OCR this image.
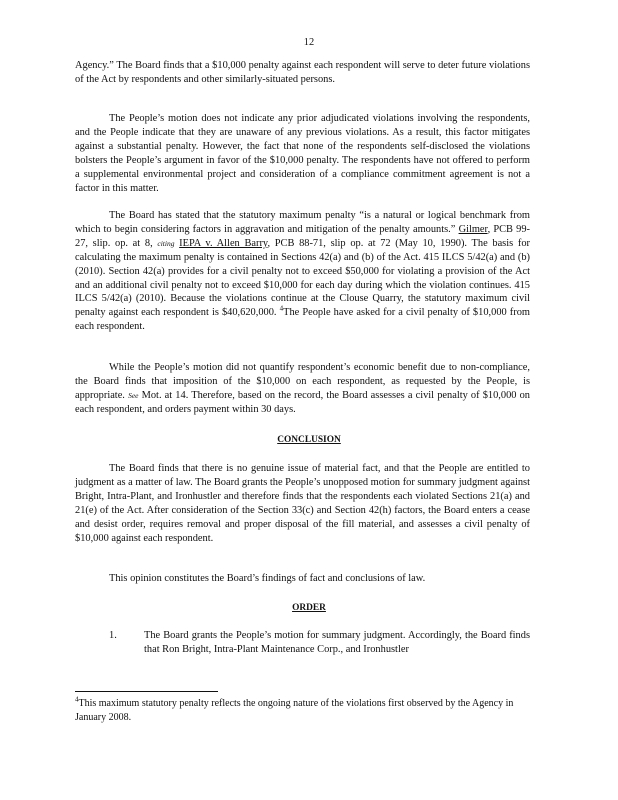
12

Agency.” The Board finds that a $10,000 penalty against each respondent will serve to deter future violations of the Act by respondents and other similarly-situated persons.

The People’s motion does not indicate any prior adjudicated violations involving the respondents, and the People indicate that they are unaware of any previous violations. As a result, this factor mitigates against a substantial penalty. However, the fact that none of the respondents self-disclosed the violations bolsters the People’s argument in favor of the $10,000 penalty. The respondents have not offered to perform a supplemental environmental project and consideration of a compliance commitment agreement is not a factor in this matter.

The Board has stated that the statutory maximum penalty “is a natural or logical benchmark from which to begin considering factors in aggravation and mitigation of the penalty amounts.” Gilmer, PCB 99-27, slip. op. at 8, citing IEPA v. Allen Barry, PCB 88-71, slip op. at 72 (May 10, 1990). The basis for calculating the maximum penalty is contained in Sections 42(a) and (b) of the Act. 415 ILCS 5/42(a) and (b) (2010). Section 42(a) provides for a civil penalty not to exceed $50,000 for violating a provision of the Act and an additional civil penalty not to exceed $10,000 for each day during which the violation continues. 415 ILCS 5/42(a) (2010). Because the violations continue at the Clouse Quarry, the statutory maximum civil penalty against each respondent is $40,620,000. $^4$The People have asked for a civil penalty of $10,000 from each respondent.

While the People’s motion did not quantify respondent’s economic benefit due to non-compliance, the Board finds that imposition of the $10,000 on each respondent, as requested by the People, is appropriate. See Mot. at 14. Therefore, based on the record, the Board assesses a civil penalty of $10,000 on each respondent, and orders payment within 30 days.

CONCLUSION

The Board finds that there is no genuine issue of material fact, and that the People are entitled to judgment as a matter of law. The Board grants the People’s unopposed motion for summary judgment against Bright, Intra-Plant, and Ironhustler and therefore finds that the respondents each violated Sections 21(a) and 21(e) of the Act. After consideration of the Section 33(c) and Section 42(h) factors, the Board enters a cease and desist order, requires removal and proper disposal of the fill material, and assesses a civil penalty of $10,000 against each respondent.

This opinion constitutes the Board’s findings of fact and conclusions of law.

ORDER
1.	The Board grants the People’s motion for summary judgment. Accordingly, the Board finds that Ron Bright, Intra-Plant Maintenance Corp., and Ironhustler

$^4$This maximum statutory penalty reflects the ongoing nature of the violations first observed by the Agency in January 2008.
